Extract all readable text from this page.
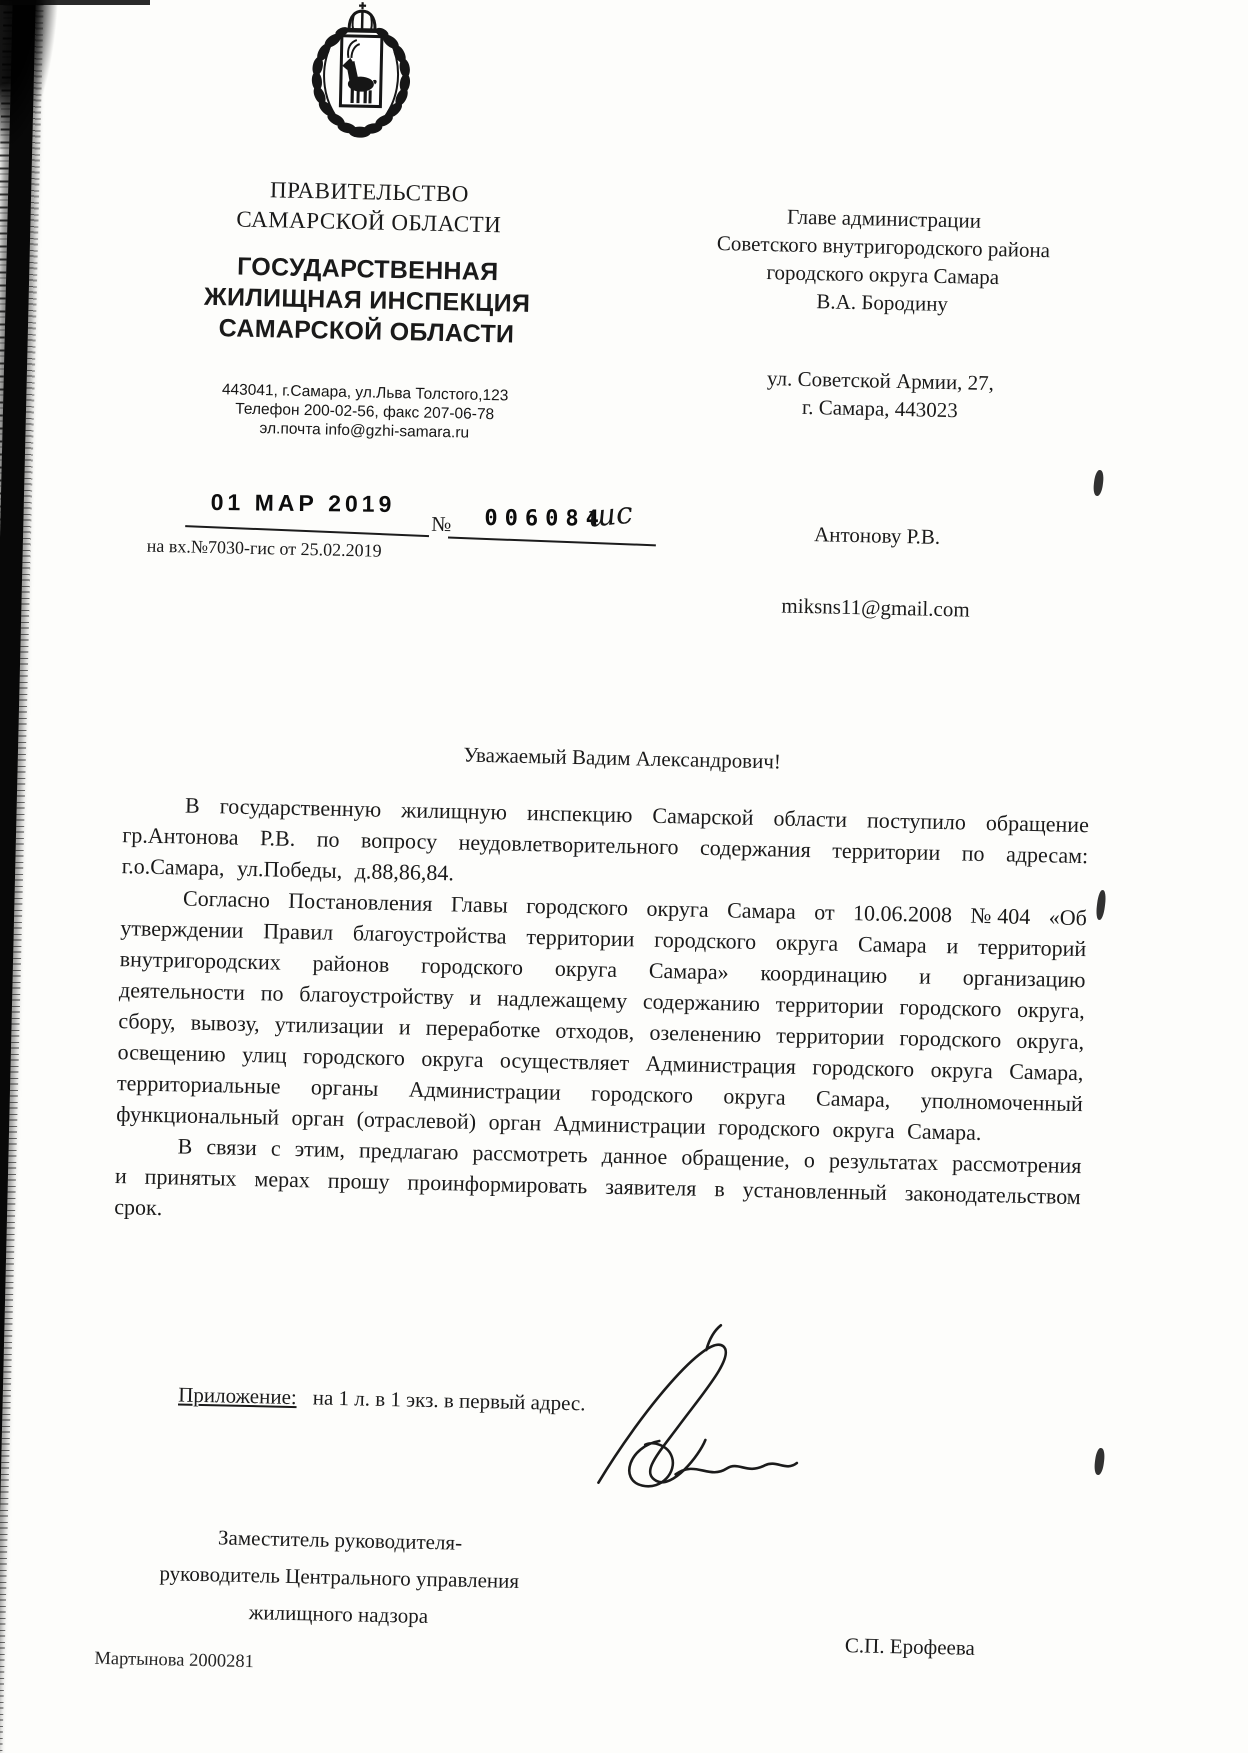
ПРАВИТЕЛЬСТВО
САМАРСКОЙ ОБЛАСТИ
ГОСУДАРСТВЕННАЯ
ЖИЛИЩНАЯ ИНСПЕКЦИЯ
САМАРСКОЙ ОБЛАСТИ
443041, г.Самара, ул.Льва Толстого,123
Телефон 200-02-56, факс 207-06-78
эл.почта info@gzhi-samara.ru
01 МАР 2019
№ 006084
шс
на вх.№7030-гис от 25.02.2019
Главе администрации
Советского внутригородского района
городского округа Самара
В.А. Бородину
ул. Советской Армии, 27,
г. Самара, 443023
Антонову Р.В.
miksns11@gmail.com
Уважаемый Вадим Александрович!

В государственную жилищную инспекцию Самарской области поступило обращение гр.Антонова Р.В. по вопросу неудовлетворительного содержания территории по адресам: г.о.Самара, ул.Победы, д.88,86,84.

Согласно Постановления Главы городского округа Самара от 10.06.2008 №404 «Об утверждении Правил благоустройства территории городского округа Самара и территорий внутригородских районов городского округа Самара» координацию и организацию деятельности по благоустройству и надлежащему содержанию территории городского округа, сбору, вывозу, утилизации и переработке отходов, озеленению территории городского округа, освещению улиц городского округа осуществляет Администрация городского округа Самара, территориальные органы Администрации городского округа Самара, уполномоченный функциональный орган (отраслевой) орган Администрации городского округа Самара.

В связи с этим, предлагаю рассмотреть данное обращение, о результатах рассмотрения и принятых мерах прошу проинформировать заявителя в установленный законодательством срок.

Приложение: на 1 л. в 1 экз. в первый адрес.
Заместитель руководителя-
руководитель Центрального управления
жилищного надзора
С.П. Ерофеева
Мартынова 2000281
